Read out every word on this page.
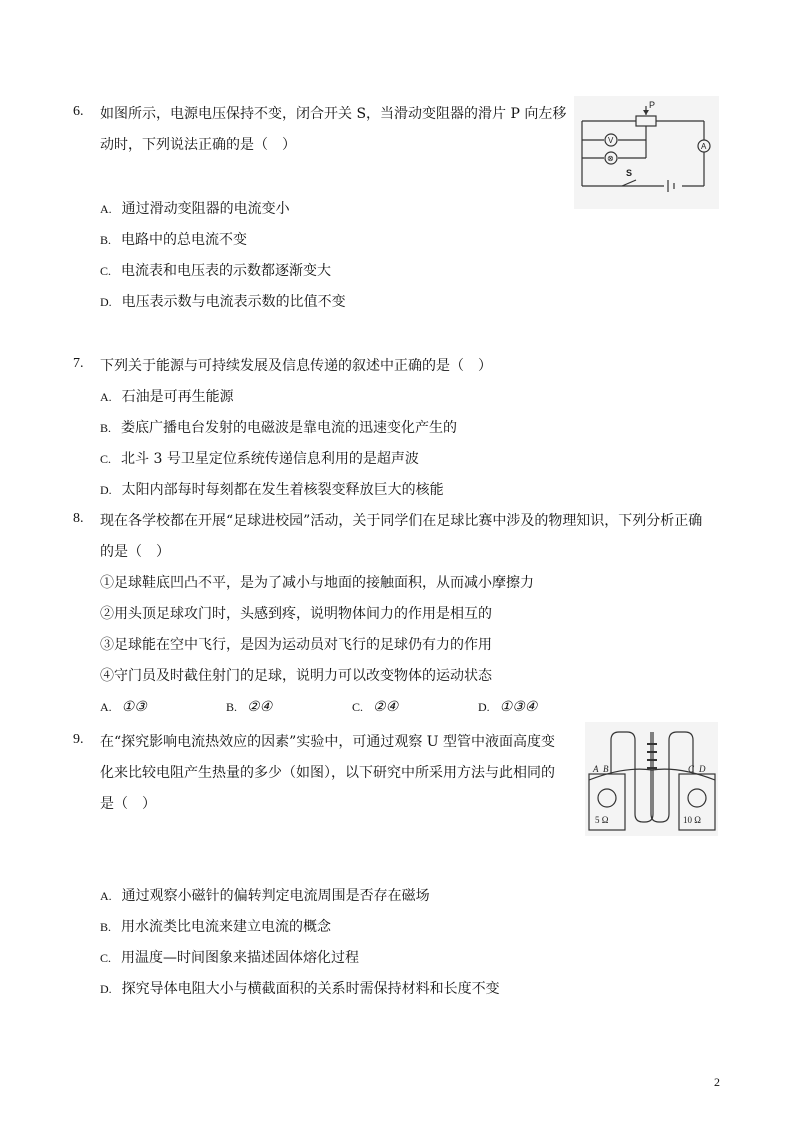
6. 如图所示，电源电压保持不变，闭合开关 S，当滑动变阻器的滑片 P 向左移
动时，下列说法正确的是（　）
P
V
⊗
A
S
A. 通过滑动变阻器的电流变小
B. 电路中的总电流不变
C. 电流表和电压表的示数都逐渐变大
D. 电压表示数与电流表示数的比值不变
7. 下列关于能源与可持续发展及信息传递的叙述中正确的是（　）
A. 石油是可再生能源
B. 娄底广播电台发射的电磁波是靠电流的迅速变化产生的
C. 北斗 3 号卫星定位系统传递信息利用的是超声波
D. 太阳内部每时每刻都在发生着核裂变释放巨大的核能
8. 现在各学校都在开展“足球进校园”活动，关于同学们在足球比赛中涉及的物理知识，下列分析正确
的是（　）
①足球鞋底凹凸不平，是为了减小与地面的接触面积，从而减小摩擦力
②用头顶足球攻门时，头感到疼，说明物体间力的作用是相互的
③足球能在空中飞行，是因为运动员对飞行的足球仍有力的作用
④守门员及时截住射门的足球，说明力可以改变物体的运动状态
A. ①③	B. ②④	C. ②④	D. ①③④
9. 在“探究影响电流热效应的因素”实验中，可通过观察 U 型管中液面高度变
化来比较电阻产生热量的多少（如图），以下研究中所采用方法与此相同的
是（　）
A B	C D
5 Ω	10 Ω
A. 通过观察小磁针的偏转判定电流周围是否存在磁场
B. 用水流类比电流来建立电流的概念
C. 用温度—时间图象来描述固体熔化过程
D. 探究导体电阻大小与横截面积的关系时需保持材料和长度不变
2
